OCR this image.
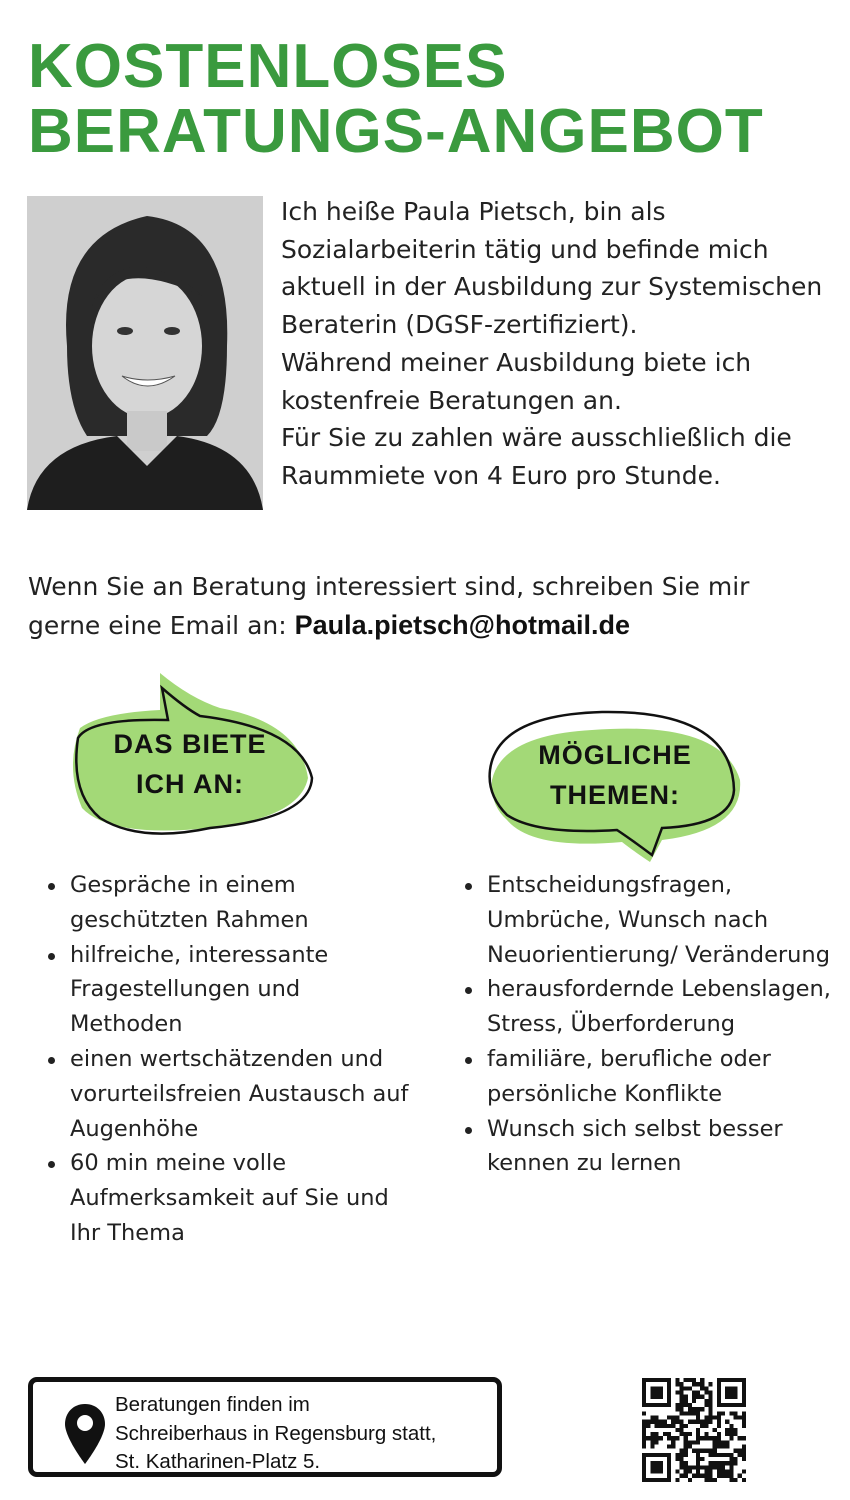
KOSTENLOSES
BERATUNGS-ANGEBOT

Ich heiße Paula Pietsch, bin als Sozialarbeiterin tätig und befinde mich aktuell in der Ausbildung zur Systemischen Beraterin (DGSF-zertifiziert).

Während meiner Ausbildung biete ich kostenfreie Beratungen an.

Für Sie zu zahlen wäre ausschließlich die Raummiete von 4 Euro pro Stunde.

Wenn Sie an Beratung interessiert sind, schreiben Sie mir gerne eine Email an: Paula.pietsch@hotmail.de
DAS BIETE
ICH AN:
MÖGLICHE
THEMEN:
Gespräche in einem geschützten Rahmen
hilfreiche, interessante Fragestellungen und Methoden
einen wertschätzenden und vorurteilsfreien Austausch auf Augenhöhe
60 min meine volle Aufmerksamkeit auf Sie und Ihr Thema
Entscheidungsfragen, Umbrüche, Wunsch nach Neuorientierung/ Veränderung
herausfordernde Lebenslagen, Stress, Überforderung
familiäre, berufliche oder persönliche Konflikte
Wunsch sich selbst besser kennen zu lernen
Beratungen finden im
Schreiberhaus in Regensburg statt,
St. Katharinen-Platz 5.
